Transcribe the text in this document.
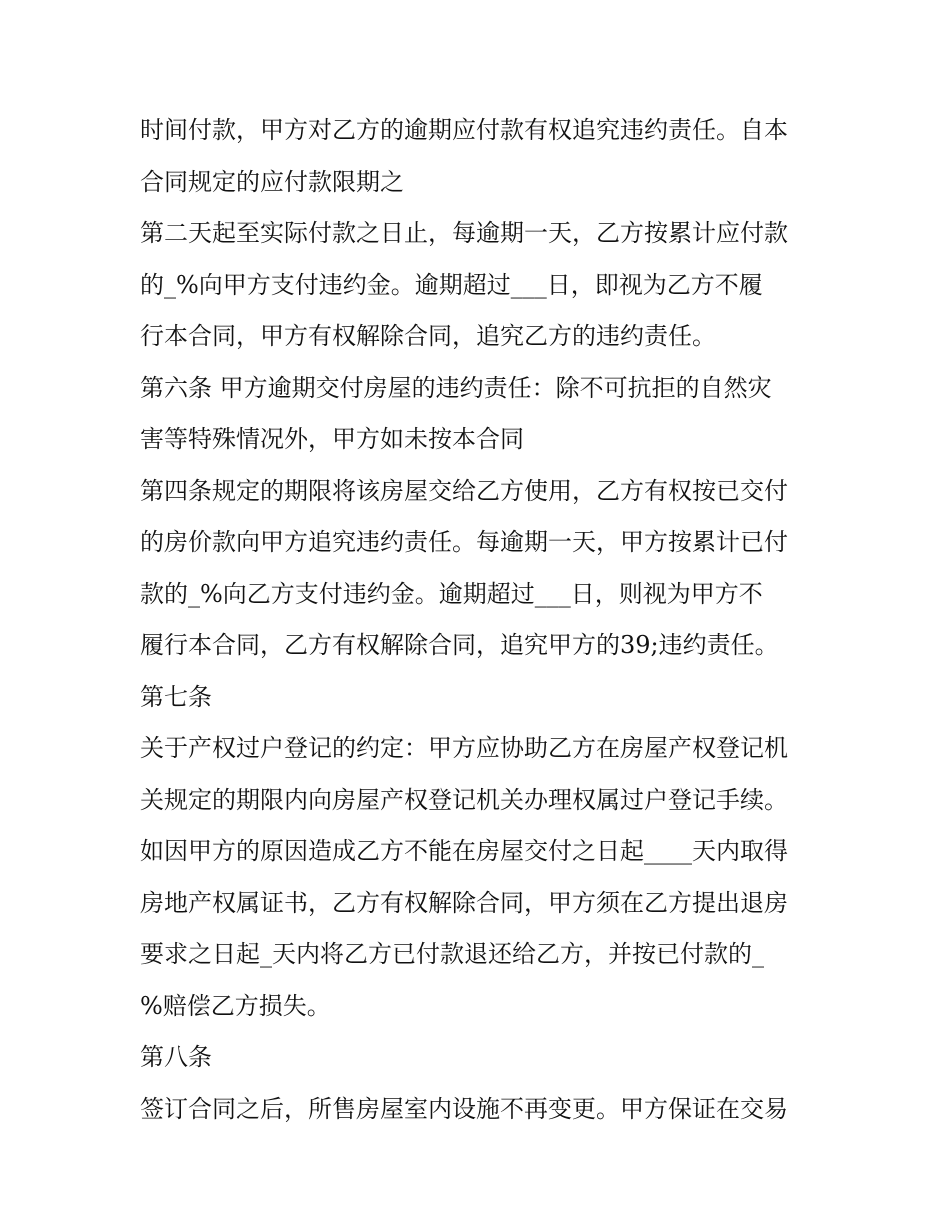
时间付款，甲方对乙方的逾期应付款有权追究违约责任。自本
合同规定的应付款限期之
第二天起至实际付款之日止，每逾期一天，乙方按累计应付款
的_%向甲方支付违约金。逾期超过___日，即视为乙方不履
行本合同，甲方有权解除合同，追究乙方的违约责任。
第六条 甲方逾期交付房屋的违约责任：除不可抗拒的自然灾
害等特殊情况外，甲方如未按本合同
第四条规定的期限将该房屋交给乙方使用，乙方有权按已交付
的房价款向甲方追究违约责任。每逾期一天，甲方按累计已付
款的_%向乙方支付违约金。逾期超过___日，则视为甲方不
履行本合同，乙方有权解除合同，追究甲方的39;违约责任。
第七条
关于产权过户登记的约定：甲方应协助乙方在房屋产权登记机
关规定的期限内向房屋产权登记机关办理权属过户登记手续。
如因甲方的原因造成乙方不能在房屋交付之日起____天内取得
房地产权属证书，乙方有权解除合同，甲方须在乙方提出退房
要求之日起_天内将乙方已付款退还给乙方，并按已付款的_
%赔偿乙方损失。
第八条
签订合同之后，所售房屋室内设施不再变更。甲方保证在交易
